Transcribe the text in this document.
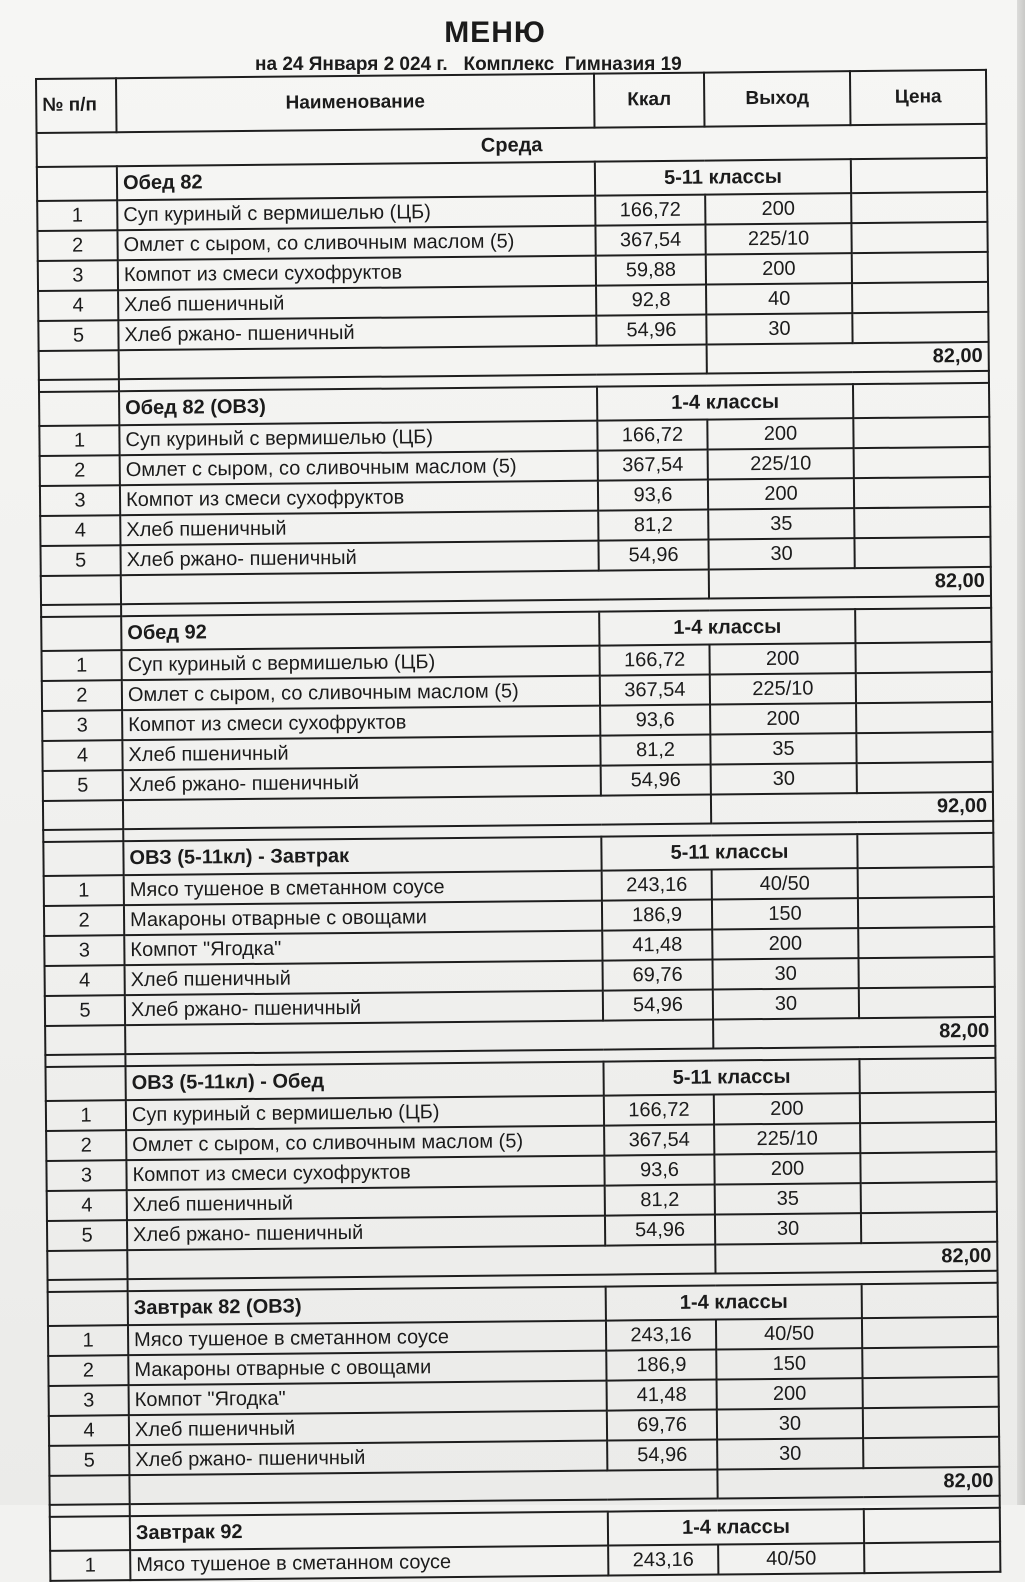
МЕНЮ
на 24 Января 2 024 г.   Комплекс  Гимназия 19
№ п/п	Наименование	Ккал	Выход	Цена
Среда				
	Обед 82	5-11 классы		
1	Суп куриный с вермишелью (ЦБ)	166,72	200	
2	Омлет с сыром, со сливочным маслом (5)	367,54	225/10	
3	Компот из смеси сухофруктов	59,88	200	
4	Хлеб пшеничный	92,8	40	
5	Хлеб ржано- пшеничный	54,96	30	
			82,00	

	Обед 82 (ОВЗ)	1-4 классы		
1	Суп куриный с вермишелью (ЦБ)	166,72	200	
2	Омлет с сыром, со сливочным маслом (5)	367,54	225/10	
3	Компот из смеси сухофруктов	93,6	200	
4	Хлеб пшеничный	81,2	35	
5	Хлеб ржано- пшеничный	54,96	30	
			82,00	

	Обед 92	1-4 классы		
1	Суп куриный с вермишелью (ЦБ)	166,72	200	
2	Омлет с сыром, со сливочным маслом (5)	367,54	225/10	
3	Компот из смеси сухофруктов	93,6	200	
4	Хлеб пшеничный	81,2	35	
5	Хлеб ржано- пшеничный	54,96	30	
			92,00	

	ОВЗ (5-11кл) - Завтрак	5-11 классы		
1	Мясо тушеное в сметанном соусе	243,16	40/50	
2	Макароны отварные с овощами	186,9	150	
3	Компот "Ягодка"	41,48	200	
4	Хлеб пшеничный	69,76	30	
5	Хлеб ржано- пшеничный	54,96	30	
			82,00	

	ОВЗ (5-11кл) - Обед	5-11 классы		
1	Суп куриный с вермишелью (ЦБ)	166,72	200	
2	Омлет с сыром, со сливочным маслом (5)	367,54	225/10	
3	Компот из смеси сухофруктов	93,6	200	
4	Хлеб пшеничный	81,2	35	
5	Хлеб ржано- пшеничный	54,96	30	
			82,00	

	Завтрак 82 (ОВЗ)	1-4 классы		
1	Мясо тушеное в сметанном соусе	243,16	40/50	
2	Макароны отварные с овощами	186,9	150	
3	Компот "Ягодка"	41,48	200	
4	Хлеб пшеничный	69,76	30	
5	Хлеб ржано- пшеничный	54,96	30	
			82,00	

	Завтрак 92	1-4 классы		
1	Мясо тушеное в сметанном соусе	243,16	40/50	
